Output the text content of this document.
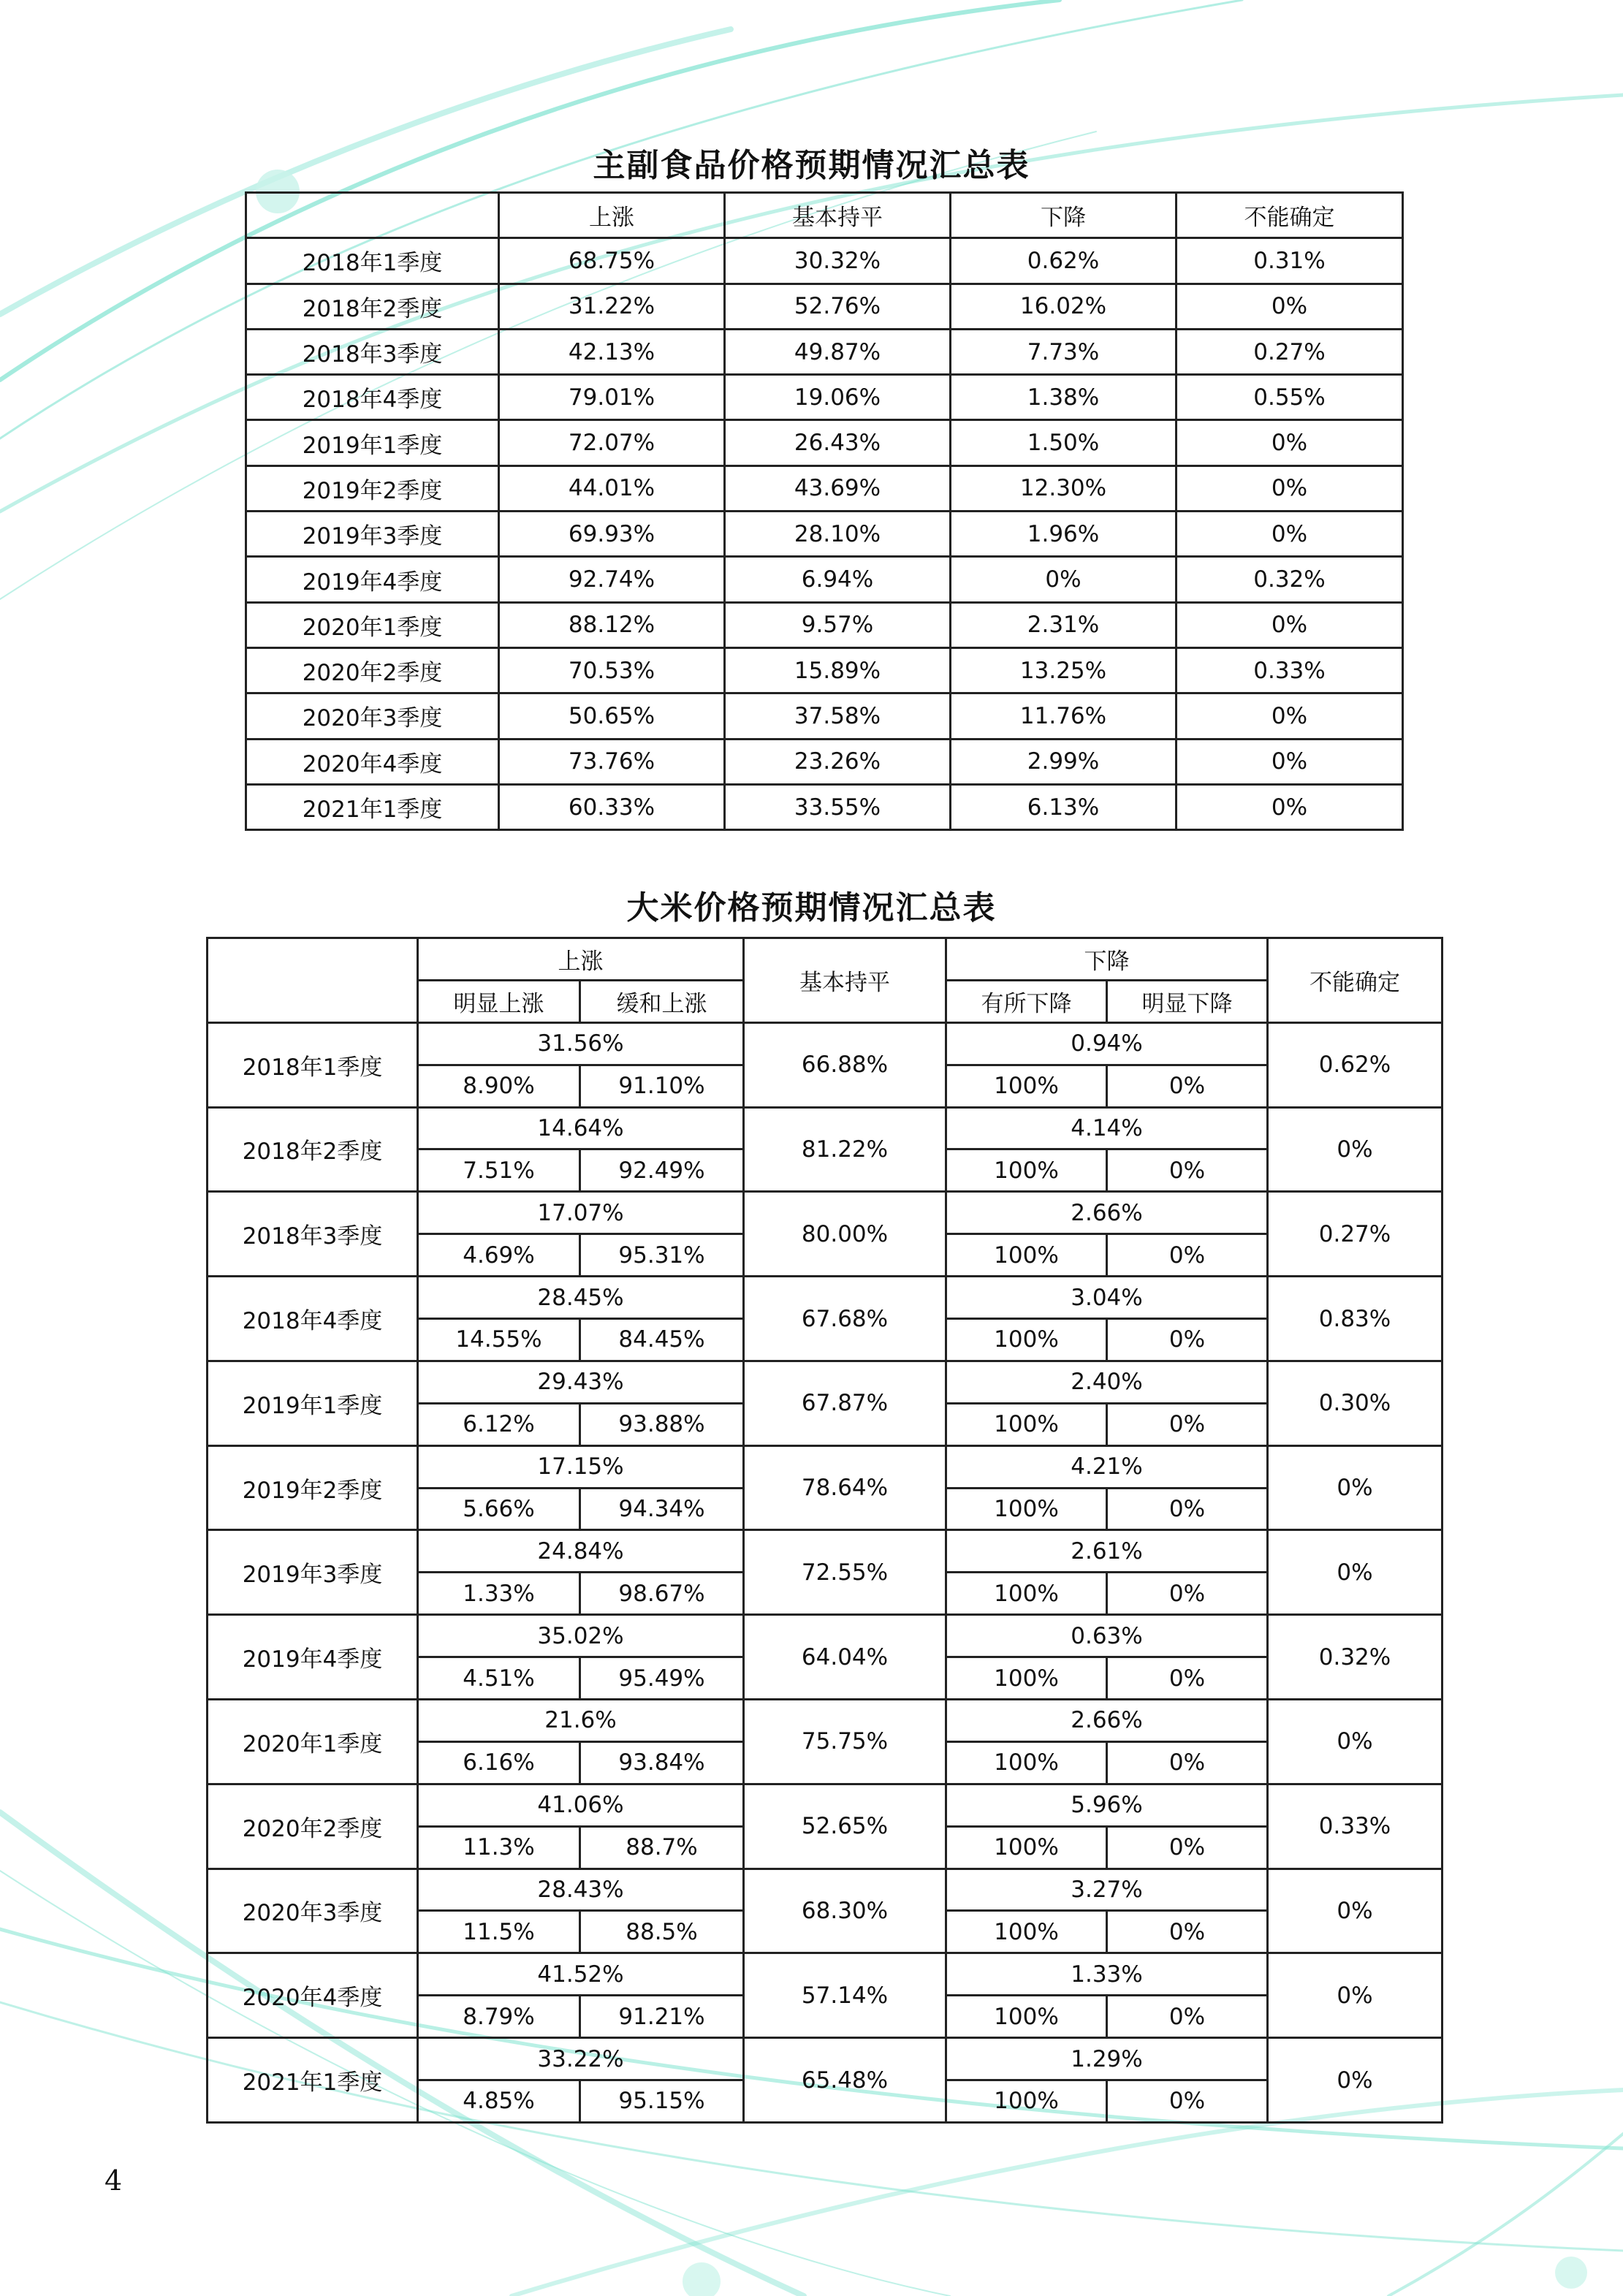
主副食品价格预期情况汇总表
	上涨	基本持平	下降	不能确定
2018年1季度	68.75%	30.32%	0.62%	0.31%
2018年2季度	31.22%	52.76%	16.02%	0%
2018年3季度	42.13%	49.87%	7.73%	0.27%
2018年4季度	79.01%	19.06%	1.38%	0.55%
2019年1季度	72.07%	26.43%	1.50%	0%
2019年2季度	44.01%	43.69%	12.30%	0%
2019年3季度	69.93%	28.10%	1.96%	0%
2019年4季度	92.74%	6.94%	0%	0.32%
2020年1季度	88.12%	9.57%	2.31%	0%
2020年2季度	70.53%	15.89%	13.25%	0.33%
2020年3季度	50.65%	37.58%	11.76%	0%
2020年4季度	73.76%	23.26%	2.99%	0%
2021年1季度	60.33%	33.55%	6.13%	0%
大米价格预期情况汇总表
	上涨		基本持平	下降		不能确定
	明显上涨	缓和上涨		有所下降	明显下降	
2018年1季度	31.56%		66.88%	0.94%		0.62%
	8.90%	91.10%		100%	0%	
2018年2季度	14.64%		81.22%	4.14%		0%
	7.51%	92.49%		100%	0%	
2018年3季度	17.07%		80.00%	2.66%		0.27%
	4.69%	95.31%		100%	0%	
2018年4季度	28.45%		67.68%	3.04%		0.83%
	14.55%	84.45%		100%	0%	
2019年1季度	29.43%		67.87%	2.40%		0.30%
	6.12%	93.88%		100%	0%	
2019年2季度	17.15%		78.64%	4.21%		0%
	5.66%	94.34%		100%	0%	
2019年3季度	24.84%		72.55%	2.61%		0%
	1.33%	98.67%		100%	0%	
2019年4季度	35.02%		64.04%	0.63%		0.32%
	4.51%	95.49%		100%	0%	
2020年1季度	21.6%		75.75%	2.66%		0%
	6.16%	93.84%		100%	0%	
2020年2季度	41.06%		52.65%	5.96%		0.33%
	11.3%	88.7%		100%	0%	
2020年3季度	28.43%		68.30%	3.27%		0%
	11.5%	88.5%		100%	0%	
2020年4季度	41.52%		57.14%	1.33%		0%
	8.79%	91.21%		100%	0%	
2021年1季度	33.22%		65.48%	1.29%		0%
	4.85%	95.15%		100%	0%	
4
